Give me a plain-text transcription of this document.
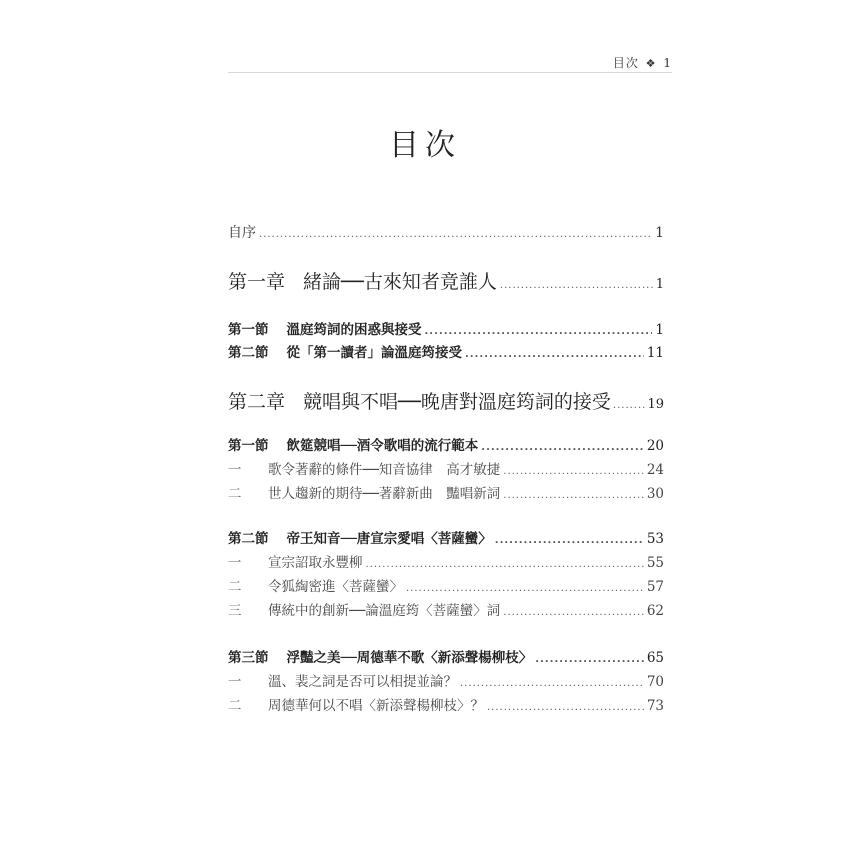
目次 ❖ 1
目次
自序 .....	1
第一章 緒論──古來知者竟誰人 .....	1
第一節 溫庭筠詞的困惑與接受 .....	1
第二節 從「第一讀者」論溫庭筠接受 .....	11
第二章 競唱與不唱──晚唐對溫庭筠詞的接受 .....	19
第一節 飲筵競唱──酒令歌唱的流行範本 .....	20
一 歌令著辭的條件──知音協律　高才敏捷 .....	24
二 世人趨新的期待──著辭新曲　豔唱新詞 .....	30
第二節 帝王知音──唐宣宗愛唱〈菩薩蠻〉 .....	53
一 宣宗詔取永豐柳 .....	55
二 令狐綯密進〈菩薩蠻〉 .....	57
三 傳統中的創新──論溫庭筠〈菩薩蠻〉詞 .....	62
第三節 浮豔之美──周德華不歌〈新添聲楊柳枝〉 .....	65
一 溫、裴之詞是否可以相提並論？ .....	70
二 周德華何以不唱〈新添聲楊柳枝〉？ .....	73
